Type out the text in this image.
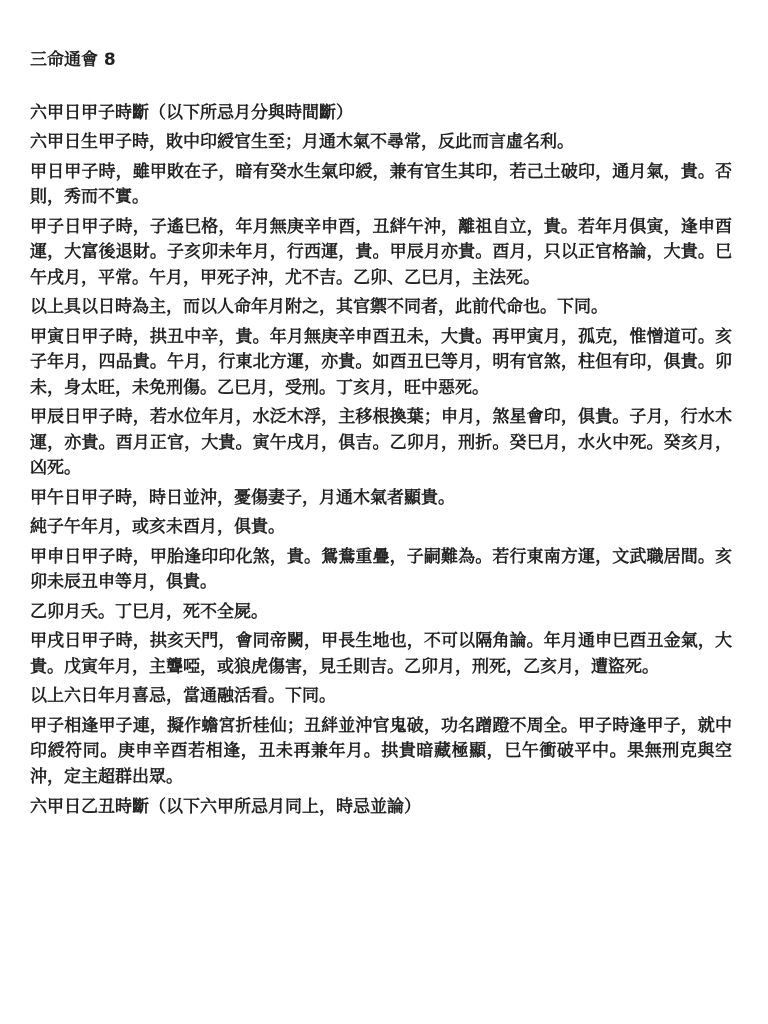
三命通會 8
六甲日甲子時斷（以下所忌月分與時間斷）
六甲日生甲子時，敗中印綬官生至；月通木氣不尋常，反此而言虛名利。
甲日甲子時，雖甲敗在子，暗有癸水生氣印綬，兼有官生其印，若己土破印，通月氣，貴。否則，秀而不實。
甲子日甲子時，子遙巳格，年月無庚辛申酉，丑絆午沖，離祖自立，貴。若年月俱寅，逢申酉運，大富後退財。子亥卯未年月，行西運，貴。甲辰月亦貴。酉月，只以正官格論，大貴。巳午戌月，平常。午月，甲死子沖，尤不吉。乙卯、乙巳月，主法死。
以上具以日時為主，而以人命年月附之，其官禦不同者，此前代命也。下同。
甲寅日甲子時，拱丑中辛，貴。年月無庚辛申酉丑未，大貴。再甲寅月，孤克，惟憎道可。亥子年月，四品貴。午月，行東北方運，亦貴。如酉丑巳等月，明有官煞，柱但有印，俱貴。卯未，身太旺，未免刑傷。乙巳月，受刑。丁亥月，旺中惡死。
甲辰日甲子時，若水位年月，水泛木浮，主移根換葉；申月，煞星會印，俱貴。子月，行水木運，亦貴。酉月正官，大貴。寅午戌月，俱吉。乙卯月，刑折。癸巳月，水火中死。癸亥月，凶死。
甲午日甲子時，時日並沖，憂傷妻子，月通木氣者顯貴。
純子午年月，或亥未酉月，俱貴。
甲申日甲子時，甲胎逢印印化煞，貴。鴛鴦重疊，子嗣難為。若行東南方運，文武職居間。亥卯未辰丑申等月，俱貴。
乙卯月夭。丁巳月，死不全屍。
甲戌日甲子時，拱亥天門，會同帝闕，甲長生地也，不可以隔角論。年月通申巳酉丑金氣，大貴。戊寅年月，主聾啞，或狼虎傷害，見壬則吉。乙卯月，刑死，乙亥月，遭盜死。
以上六日年月喜忌，當通融活看。下同。
甲子相逢甲子連，擬作蟾宮折桂仙；丑絆並沖官鬼破，功名蹭蹬不周全。甲子時逢甲子，就中印綬符同。庚申辛酉若相逢，丑未再兼年月。拱貴暗藏極顯，巳午衝破平中。果無刑克與空沖，定主超群出眾。
六甲日乙丑時斷（以下六甲所忌月同上，時忌並論）
